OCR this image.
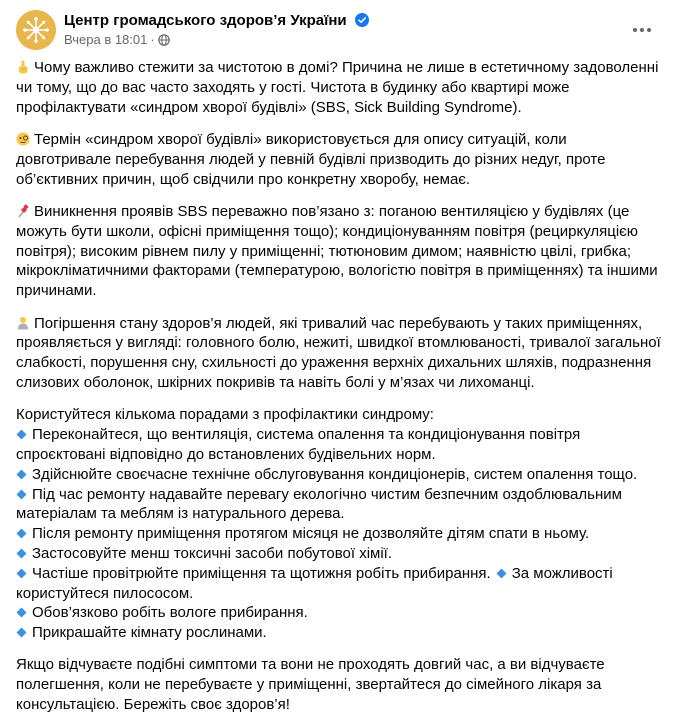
Центр громадського здоров’я України
Вчера в 18:01 ·
Чому важливо стежити за чистотою в домі? Причина не лише в естетичному задоволенні
чи тому, що до вас часто заходять у гості. Чистота в будинку або квартирі може
профілактувати «синдром хворої будівлі» (SBS, Sick Building Syndrome).
Термін «синдром хворої будівлі» використовується для опису ситуацій, коли
довготривале перебування людей у певній будівлі призводить до різних недуг, проте
об’єктивних причин, щоб свідчили про конкретну хворобу, немає.
Виникнення проявів SBS переважно пов’язано з: поганою вентиляцією у будівлях (це
можуть бути школи, офісні приміщення тощо); кондиціонуванням повітря (рециркуляцією
повітря); високим рівнем пилу у приміщенні; тютюновим димом; наявністю цвілі, грибка;
мікрокліматичними факторами (температурою, вологістю повітря в приміщеннях) та іншими
причинами.
Погіршення стану здоров’я людей, які тривалий час перебувають у таких приміщеннях,
проявляється у вигляді: головного болю, нежиті, швидкої втомлюваності, тривалої загальної
слабкості, порушення сну, схильності до ураження верхніх дихальних шляхів, подразнення
слизових оболонок, шкірних покривів та навіть болі у м’язах чи лихоманці.
Користуйтеся кількома порадами з профілактики синдрому:
Переконайтеся, що вентиляція, система опалення та кондиціонування повітря
спроєктовані відповідно до встановлених будівельних норм.
Здійснюйте своєчасне технічне обслуговування кондиціонерів, систем опалення тощо.
Під час ремонту надавайте перевагу екологічно чистим безпечним оздоблювальним
матеріалам та меблям із натурального дерева.
Після ремонту приміщення протягом місяця не дозволяйте дітям спати в ньому.
Застосовуйте менш токсичні засоби побутової хімії.
Частіше провітрюйте приміщення та щотижня робіть прибирання. За можливості
користуйтеся пилососом.
Обов’язково робіть вологе прибирання.
Прикрашайте кімнату рослинами.
Якщо відчуваєте подібні симптоми та вони не проходять довгий час, а ви відчуваєте
полегшення, коли не перебуваєте у приміщенні, звертайтеся до сімейного лікаря за
консультацією. Бережіть своє здоров’я!
